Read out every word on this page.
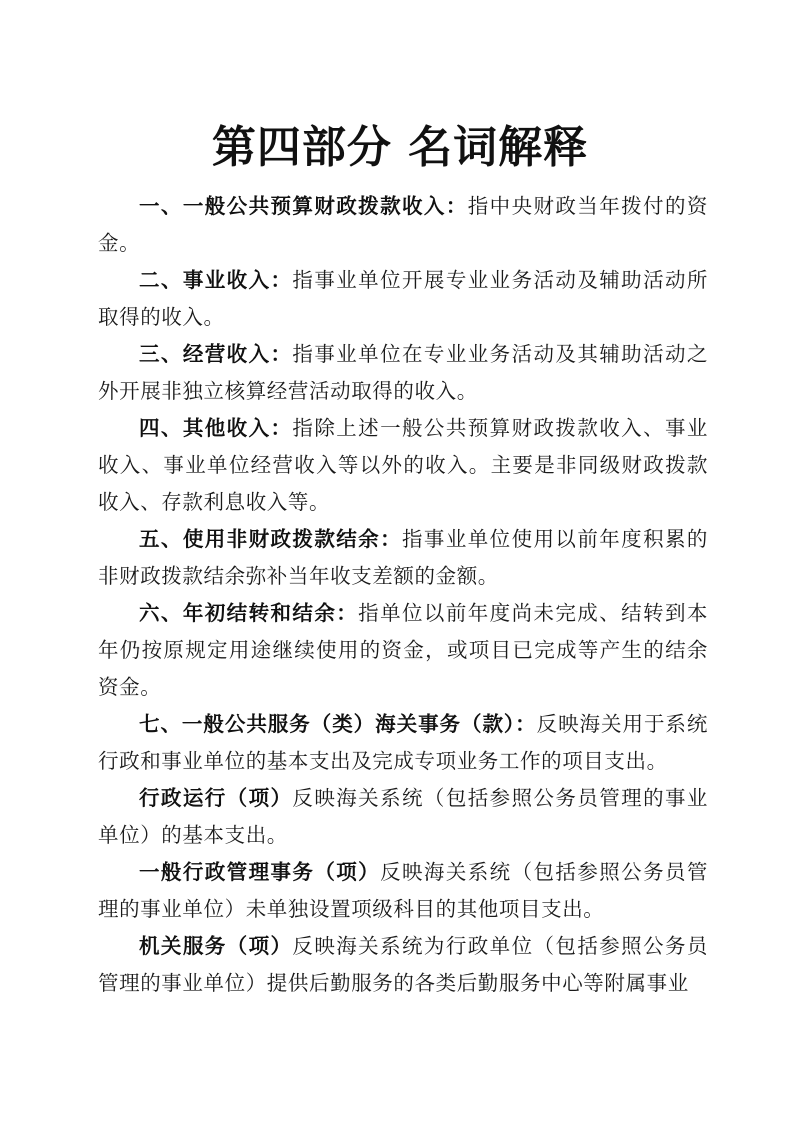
第四部分 名词解释

一、一般公共预算财政拨款收入：指中央财政当年拨付的资金。

二、事业收入：指事业单位开展专业业务活动及辅助活动所取得的收入。

三、经营收入：指事业单位在专业业务活动及其辅助活动之外开展非独立核算经营活动取得的收入。

四、其他收入：指除上述一般公共预算财政拨款收入、事业收入、事业单位经营收入等以外的收入。主要是非同级财政拨款收入、存款利息收入等。

五、使用非财政拨款结余：指事业单位使用以前年度积累的非财政拨款结余弥补当年收支差额的金额。

六、年初结转和结余：指单位以前年度尚未完成、结转到本年仍按原规定用途继续使用的资金，或项目已完成等产生的结余资金。

七、一般公共服务（类）海关事务（款）：反映海关用于系统行政和事业单位的基本支出及完成专项业务工作的项目支出。

行政运行（项）反映海关系统（包括参照公务员管理的事业单位）的基本支出。

一般行政管理事务（项）反映海关系统（包括参照公务员管理的事业单位）未单独设置项级科目的其他项目支出。

机关服务（项）反映海关系统为行政单位（包括参照公务员管理的事业单位）提供后勤服务的各类后勤服务中心等附属事业
